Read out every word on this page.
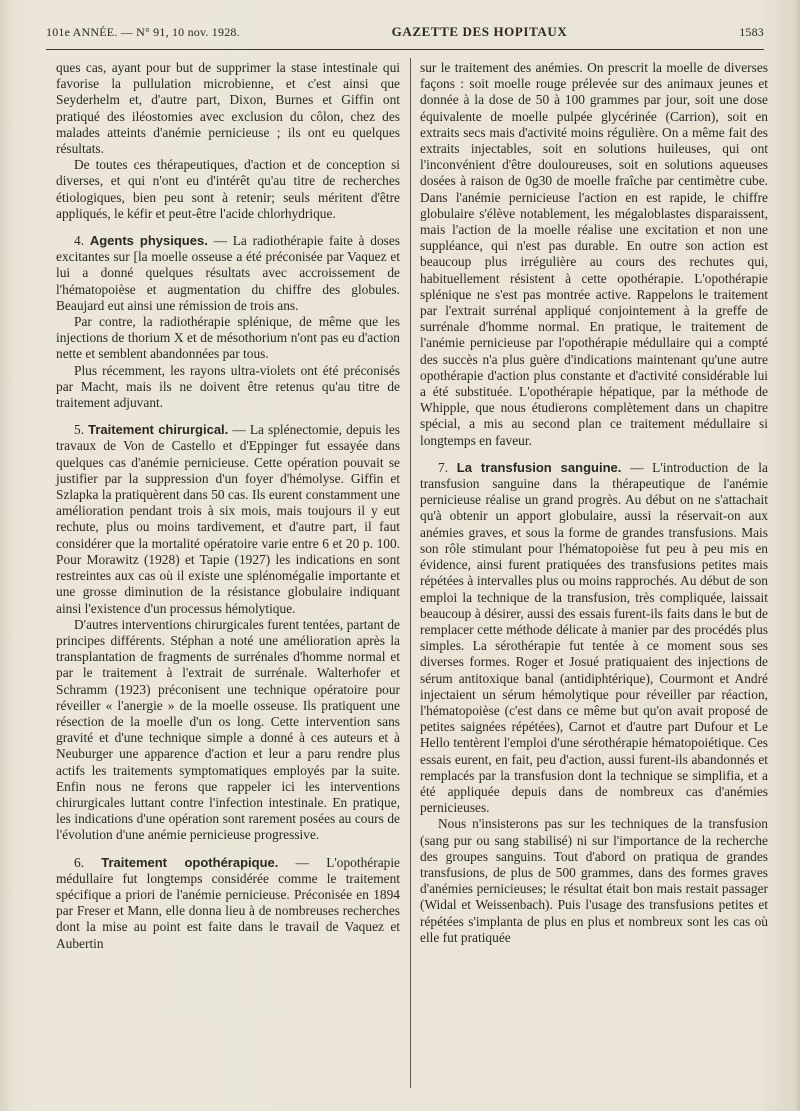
101e ANNÉE. — N° 91, 10 nov. 1928.	GAZETTE DES HOPITAUX	1583

ques cas, ayant pour but de supprimer la stase intestinale qui favorise la pullulation microbienne, et c'est ainsi que Seyderhelm et, d'autre part, Dixon, Burnes et Giffin ont pratiqué des iléostomies avec exclusion du côlon, chez des malades atteints d'anémie pernicieuse ; ils ont eu quelques résultats.

De toutes ces thérapeutiques, d'action et de conception si diverses, et qui n'ont eu d'intérêt qu'au titre de recherches étiologiques, bien peu sont à retenir; seuls méritent d'être appliqués, le kéfir et peut-être l'acide chlorhydrique.

4. Agents physiques. — La radiothérapie faite à doses excitantes sur [la moelle osseuse a été préconisée par Vaquez et lui a donné quelques résultats avec accroissement de l'hématopoièse et augmentation du chiffre des globules. Beaujard eut ainsi une rémission de trois ans.

Par contre, la radiothérapie splénique, de même que les injections de thorium X et de mésothorium n'ont pas eu d'action nette et semblent abandonnées par tous.

Plus récemment, les rayons ultra-violets ont été préconisés par Macht, mais ils ne doivent être retenus qu'au titre de traitement adjuvant.

5. Traitement chirurgical. — La splénectomie, depuis les travaux de Von de Castello et d'Eppinger fut essayée dans quelques cas d'anémie pernicieuse. Cette opération pouvait se justifier par la suppression d'un foyer d'hémolyse. Giffin et Szlapka la pratiquèrent dans 50 cas. Ils eurent constamment une amélioration pendant trois à six mois, mais toujours il y eut rechute, plus ou moins tardivement, et d'autre part, il faut considérer que la mortalité opératoire varie entre 6 et 20 p. 100. Pour Morawitz (1928) et Tapie (1927) les indications en sont restreintes aux cas où il existe une splénomégalie importante et une grosse diminution de la résistance globulaire indiquant ainsi l'existence d'un processus hémolytique.

D'autres interventions chirurgicales furent tentées, partant de principes différents. Stéphan a noté une amélioration après la transplantation de fragments de surrénales d'homme normal et par le traitement à l'extrait de surrénale. Walterhofer et Schramm (1923) préconisent une technique opératoire pour réveiller « l'anergie » de la moelle osseuse. Ils pratiquent une résection de la moelle d'un os long. Cette intervention sans gravité et d'une technique simple a donné à ces auteurs et à Neuburger une apparence d'action et leur a paru rendre plus actifs les traitements symptomatiques employés par la suite. Enfin nous ne ferons que rappeler ici les interventions chirurgicales luttant contre l'infection intestinale. En pratique, les indications d'une opération sont rarement posées au cours de l'évolution d'une anémie pernicieuse progressive.

6. Traitement opothérapique. — L'opothérapie médullaire fut longtemps considérée comme le traitement spécifique a priori de l'anémie pernicieuse. Préconisée en 1894 par Freser et Mann, elle donna lieu à de nombreuses recherches dont la mise au point est faite dans le travail de Vaquez et Aubertin

sur le traitement des anémies. On prescrit la moelle de diverses façons : soit moelle rouge prélevée sur des animaux jeunes et donnée à la dose de 50 à 100 grammes par jour, soit une dose équivalente de moelle pulpée glycérinée (Carrion), soit en extraits secs mais d'activité moins régulière. On a même fait des extraits injectables, soit en solutions huileuses, qui ont l'inconvénient d'être douloureuses, soit en solutions aqueuses dosées à raison de 0g30 de moelle fraîche par centimètre cube. Dans l'anémie pernicieuse l'action en est rapide, le chiffre globulaire s'élève notablement, les mégaloblastes disparaissent, mais l'action de la moelle réalise une excitation et non une suppléance, qui n'est pas durable. En outre son action est beaucoup plus irrégulière au cours des rechutes qui, habituellement résistent à cette opothérapie. L'opothérapie splénique ne s'est pas montrée active. Rappelons le traitement par l'extrait surrénal appliqué conjointement à la greffe de surrénale d'homme normal. En pratique, le traitement de l'anémie pernicieuse par l'opothérapie médullaire qui a compté des succès n'a plus guère d'indications maintenant qu'une autre opothérapie d'action plus constante et d'activité considérable lui a été substituée. L'opothérapie hépatique, par la méthode de Whipple, que nous étudierons complètement dans un chapitre spécial, a mis au second plan ce traitement médullaire si longtemps en faveur.

7. La transfusion sanguine. — L'introduction de la transfusion sanguine dans la thérapeutique de l'anémie pernicieuse réalise un grand progrès. Au début on ne s'attachait qu'à obtenir un apport globulaire, aussi la réservait-on aux anémies graves, et sous la forme de grandes transfusions. Mais son rôle stimulant pour l'hématopoièse fut peu à peu mis en évidence, ainsi furent pratiquées des transfusions petites mais répétées à intervalles plus ou moins rapprochés. Au début de son emploi la technique de la transfusion, très compliquée, laissait beaucoup à désirer, aussi des essais furent-ils faits dans le but de remplacer cette méthode délicate à manier par des procédés plus simples. La sérothérapie fut tentée à ce moment sous ses diverses formes. Roger et Josué pratiquaient des injections de sérum antitoxique banal (antidiphtérique), Courmont et André injectaient un sérum hémolytique pour réveiller par réaction, l'hématopoièse (c'est dans ce même but qu'on avait proposé de petites saignées répétées), Carnot et d'autre part Dufour et Le Hello tentèrent l'emploi d'une sérothérapie hématopoiétique. Ces essais eurent, en fait, peu d'action, aussi furent-ils abandonnés et remplacés par la transfusion dont la technique se simplifia, et a été appliquée depuis dans de nombreux cas d'anémies pernicieuses.

Nous n'insisterons pas sur les techniques de la transfusion (sang pur ou sang stabilisé) ni sur l'importance de la recherche des groupes sanguins. Tout d'abord on pratiqua de grandes transfusions, de plus de 500 grammes, dans des formes graves d'anémies pernicieuses; le résultat était bon mais restait passager (Widal et Weissenbach). Puis l'usage des transfusions petites et répétées s'implanta de plus en plus et nombreux sont les cas où elle fut pratiquée
